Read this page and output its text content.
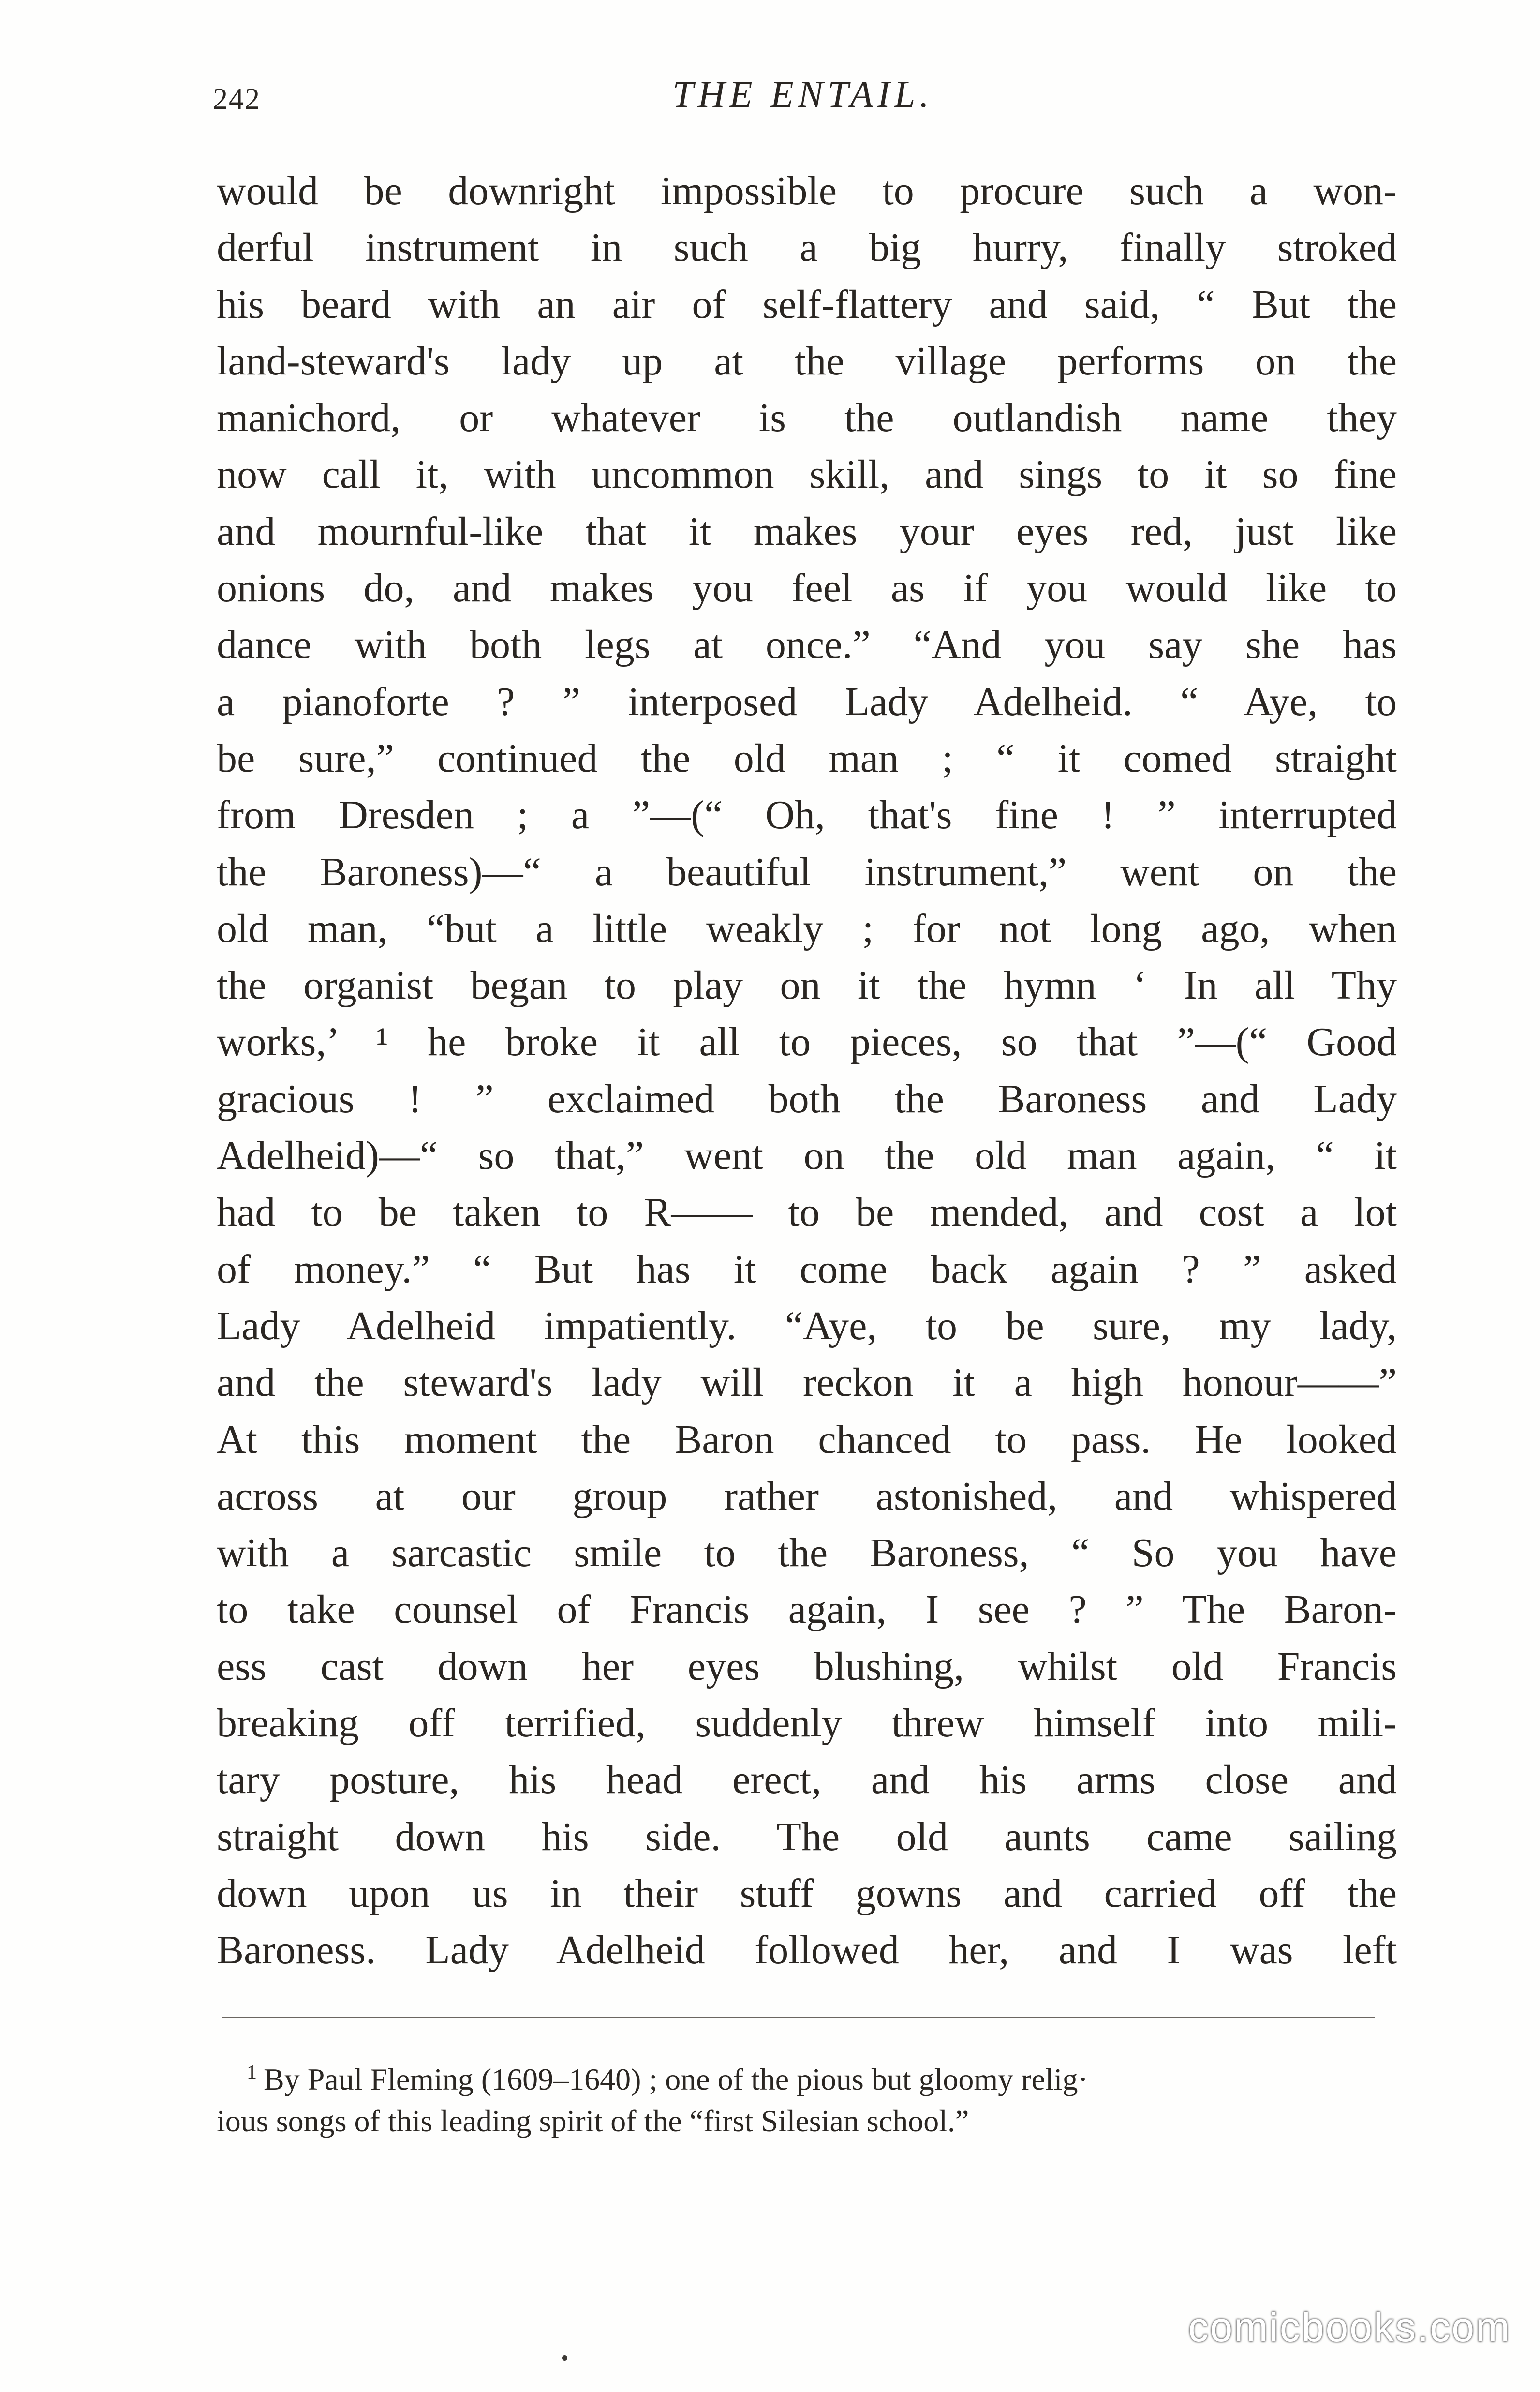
242	THE ENTAIL.
would be downright impossible to procure such a won-
derful instrument in such a big hurry, finally stroked
his beard with an air of self-flattery and said, “ But the
land-steward's lady up at the village performs on the
manichord, or whatever is the outlandish name they
now call it, with uncommon skill, and sings to it so fine
and mournful-like that it makes your eyes red, just like
onions do, and makes you feel as if you would like to
dance with both legs at once.” “And you say she has
a pianoforte ? ” interposed Lady Adelheid. “ Aye, to
be sure,” continued the old man ; “ it comed straight
from Dresden ; a ”—(“ Oh, that's fine ! ” interrupted
the Baroness)—“ a beautiful instrument,” went on the
old man, “but a little weakly ; for not long ago, when
the organist began to play on it the hymn ‘ In all Thy
works,’ ¹ he broke it all to pieces, so that ”—(“ Good
gracious ! ” exclaimed both the Baroness and Lady
Adelheid)—“ so that,” went on the old man again, “ it
had to be taken to R—— to be mended, and cost a lot
of money.” “ But has it come back again ? ” asked
Lady Adelheid impatiently. “Aye, to be sure, my lady,
and the steward's lady will reckon it a high honour——”
At this moment the Baron chanced to pass. He looked
across at our group rather astonished, and whispered
with a sarcastic smile to the Baroness, “ So you have
to take counsel of Francis again, I see ? ” The Baron-
ess cast down her eyes blushing, whilst old Francis
breaking off terrified, suddenly threw himself into mili-
tary posture, his head erect, and his arms close and
straight down his side. The old aunts came sailing
down upon us in their stuff gowns and carried off the
Baroness. Lady Adelheid followed her, and I was left
$^1$ By Paul Fleming (1609–1640) ; one of the pious but gloomy relig·
ious songs of this leading spirit of the “first Silesian school.”
comicbooks.com
